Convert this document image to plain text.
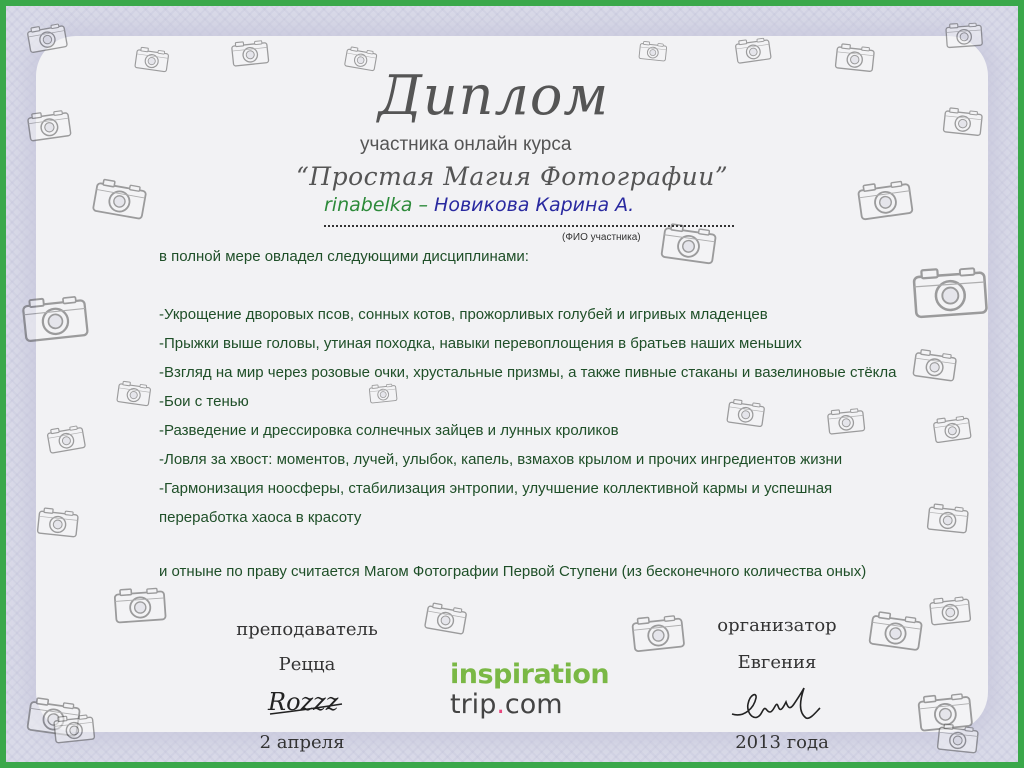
Диплом
участника онлайн курса
“Простая Магия Фотографии”
rinabelka – Новикова Карина А.
(ФИО участника)
в полной мере овладел следующими дисциплинами:
-Укрощение дворовых псов, сонных котов, прожорливых голубей и игривых младенцев
-Прыжки выше головы, утиная походка, навыки перевоплощения в братьев наших меньших
-Взгляд на мир через розовые очки, хрустальные призмы, а также пивные стаканы и вазелиновые стёкла
-Бои с тенью
-Разведение и дрессировка солнечных зайцев и лунных кроликов
-Ловля за хвост: моментов, лучей, улыбок, капель, взмахов крылом и прочих ингредиентов жизни
-Гармонизация ноосферы, стабилизация энтропии, улучшение коллективной кармы и успешная
переработка хаоса в красоту
и отныне по праву считается Магом Фотографии Первой Ступени (из бесконечного количества оных)
преподаватель
Рецца
Rozzz
2 апреля
организатор
Евгения
2013 года
inspiration
trip.com
